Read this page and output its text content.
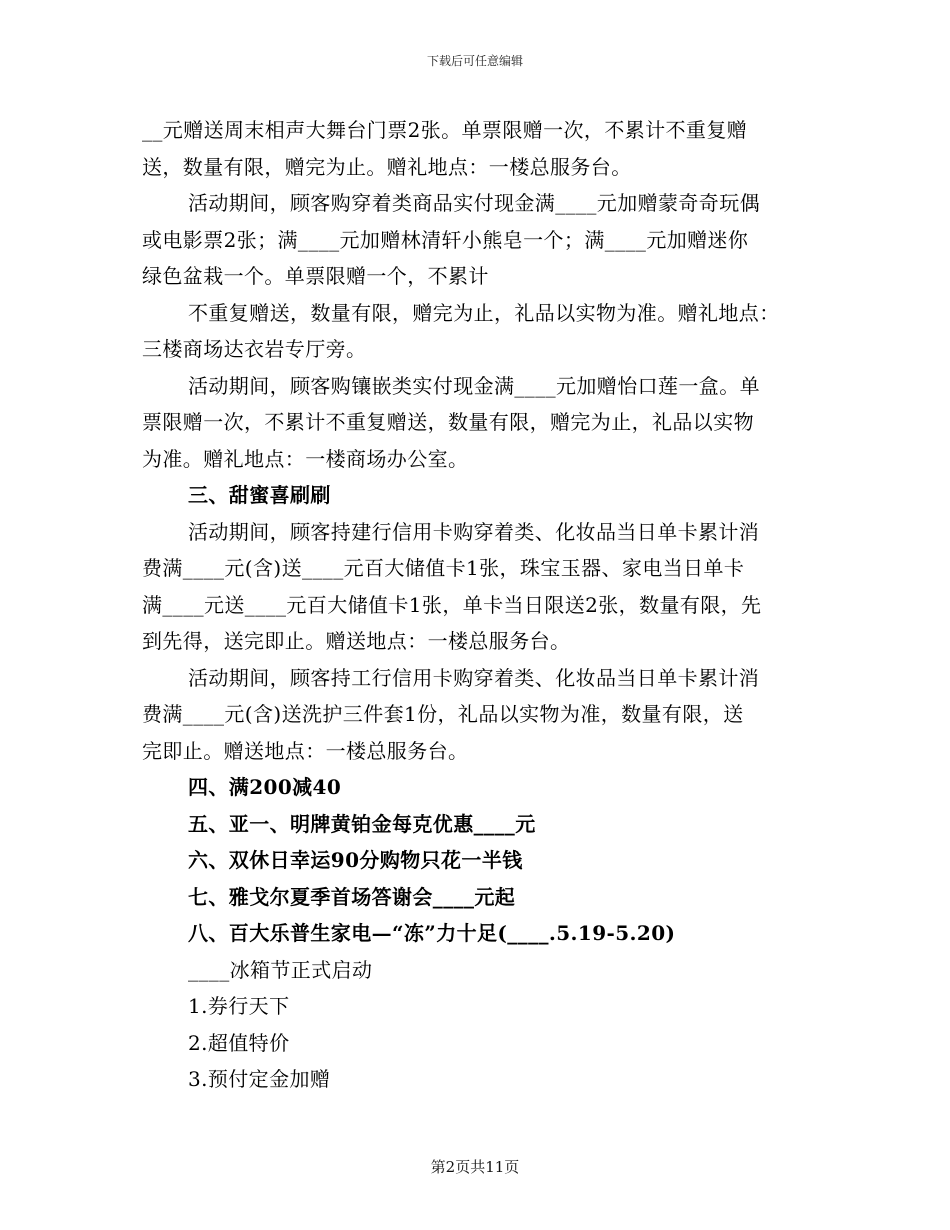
下载后可任意编辑
__元赠送周末相声大舞台门票2张。单票限赠一次，不累计不重复赠
送，数量有限，赠完为止。赠礼地点：一楼总服务台。
活动期间，顾客购穿着类商品实付现金满____元加赠蒙奇奇玩偶
或电影票2张；满____元加赠林清轩小熊皂一个；满____元加赠迷你
绿色盆栽一个。单票限赠一个，不累计
不重复赠送，数量有限，赠完为止，礼品以实物为准。赠礼地点：
三楼商场达衣岩专厅旁。
活动期间，顾客购镶嵌类实付现金满____元加赠怡口莲一盒。单
票限赠一次，不累计不重复赠送，数量有限，赠完为止，礼品以实物
为准。赠礼地点：一楼商场办公室。
三、甜蜜喜刷刷
活动期间，顾客持建行信用卡购穿着类、化妆品当日单卡累计消
费满____元(含)送____元百大储值卡1张，珠宝玉器、家电当日单卡
满____元送____元百大储值卡1张，单卡当日限送2张，数量有限，先
到先得，送完即止。赠送地点：一楼总服务台。
活动期间，顾客持工行信用卡购穿着类、化妆品当日单卡累计消
费满____元(含)送洗护三件套1份，礼品以实物为准，数量有限，送
完即止。赠送地点：一楼总服务台。
四、满200减40
五、亚一、明牌黄铂金每克优惠____元
六、双休日幸运90分购物只花一半钱
七、雅戈尔夏季首场答谢会____元起
八、百大乐普生家电—“冻”力十足(____.5.19-5.20)
____冰箱节正式启动
1.券行天下
2.超值特价
3.预付定金加赠
第2页共11页
